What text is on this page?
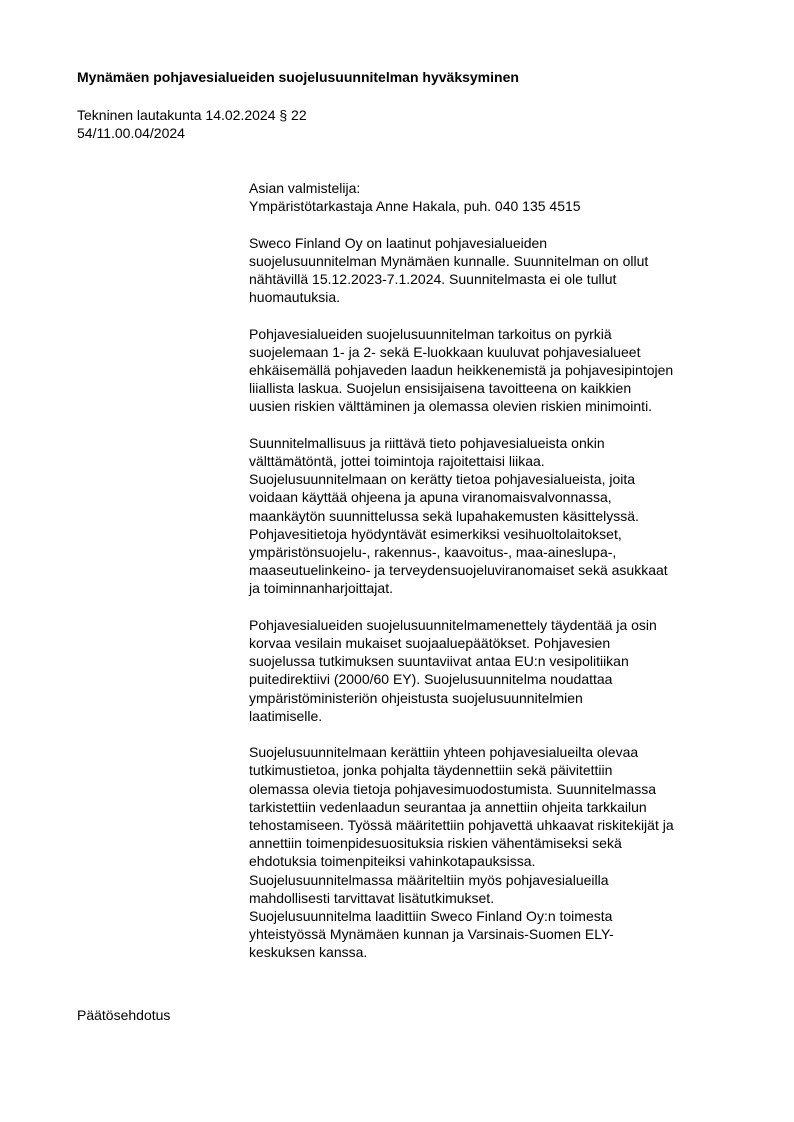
Mynämäen pohjavesialueiden suojelusuunnitelman hyväksyminen
Tekninen lautakunta 14.02.2024 § 22
54/11.00.04/2024
Asian valmistelija:
Ympäristötarkastaja Anne Hakala, puh. 040 135 4515
Sweco Finland Oy on laatinut pohjavesialueiden
suojelusuunnitelman Mynämäen kunnalle. Suunnitelman on ollut
nähtävillä 15.12.2023-7.1.2024. Suunnitelmasta ei ole tullut
huomautuksia.
Pohjavesialueiden suojelusuunnitelman tarkoitus on pyrkiä
suojelemaan 1- ja 2- sekä E-luokkaan kuuluvat pohjavesialueet
ehkäisemällä pohjaveden laadun heikkenemistä ja pohjavesipintojen
liiallista laskua. Suojelun ensisijaisena tavoitteena on kaikkien
uusien riskien välttäminen ja olemassa olevien riskien minimointi.
Suunnitelmallisuus ja riittävä tieto pohjavesialueista onkin
välttämätöntä, jottei toimintoja rajoitettaisi liikaa.
Suojelusuunnitelmaan on kerätty tietoa pohjavesialueista, joita
voidaan käyttää ohjeena ja apuna viranomaisvalvonnassa,
maankäytön suunnittelussa sekä lupahakemusten käsittelyssä.
Pohjavesitietoja hyödyntävät esimerkiksi vesihuoltolaitokset,
ympäristönsuojelu-, rakennus-, kaavoitus-, maa-aineslupa-,
maaseutuelinkeino- ja terveydensuojeluviranomaiset sekä asukkaat
ja toiminnanharjoittajat.
Pohjavesialueiden suojelusuunnitelmamenettely täydentää ja osin
korvaa vesilain mukaiset suojaaluepäätökset. Pohjavesien
suojelussa tutkimuksen suuntaviivat antaa EU:n vesipolitiikan
puitedirektiivi (2000/60 EY). Suojelusuunnitelma noudattaa
ympäristöministeriön ohjeistusta suojelusuunnitelmien
laatimiselle.
Suojelusuunnitelmaan kerättiin yhteen pohjavesialueilta olevaa
tutkimustietoa, jonka pohjalta täydennettiin sekä päivitettiin
olemassa olevia tietoja pohjavesimuodostumista. Suunnitelmassa
tarkistettiin vedenlaadun seurantaa ja annettiin ohjeita tarkkailun
tehostamiseen. Työssä määritettiin pohjavettä uhkaavat riskitekijät ja
annettiin toimenpidesuosituksia riskien vähentämiseksi sekä
ehdotuksia toimenpiteiksi vahinkotapauksissa.
Suojelusuunnitelmassa määriteltiin myös pohjavesialueilla
mahdollisesti tarvittavat lisätutkimukset.
Suojelusuunnitelma laadittiin Sweco Finland Oy:n toimesta
yhteistyössä Mynämäen kunnan ja Varsinais-Suomen ELY-
keskuksen kanssa.
Päätösehdotus
